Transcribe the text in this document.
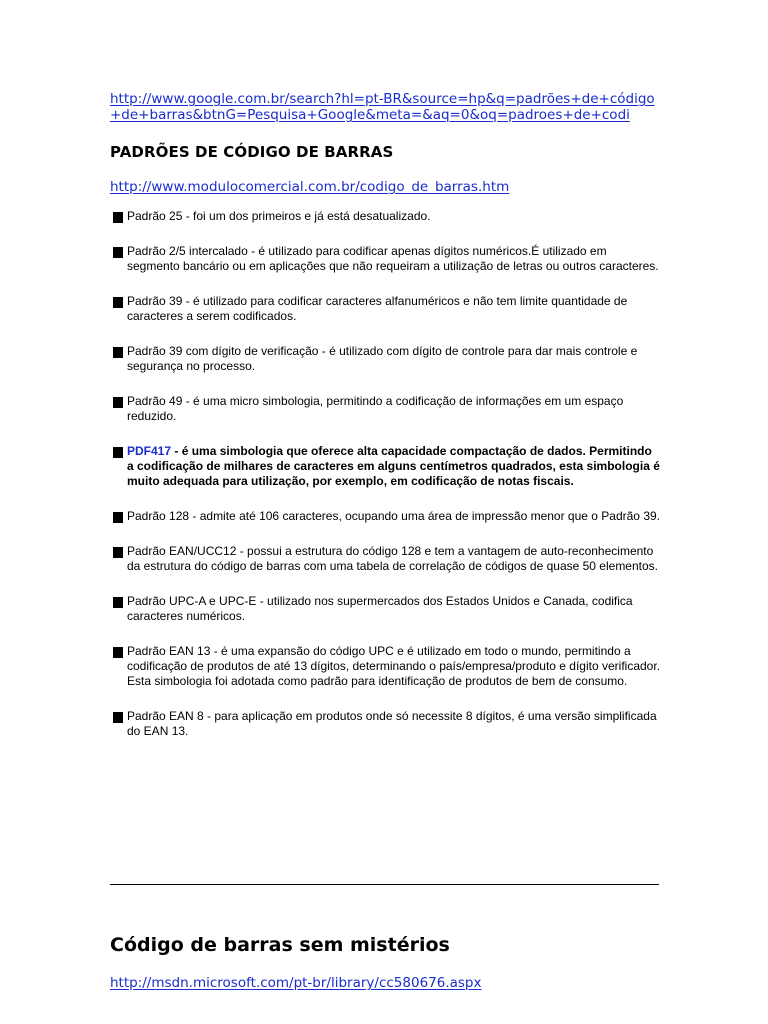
http://www.google.com.br/search?hl=pt-BR&source=hp&q=padrões+de+código+de+barras&btnG=Pesquisa+Google&meta=&aq=0&oq=padroes+de+codi
PADRÕES DE CÓDIGO DE BARRAS
http://www.modulocomercial.com.br/codigo_de_barras.htm
Padrão 25 - foi um dos primeiros e já está desatualizado.
Padrão 2/5 intercalado - é utilizado para codificar apenas dígitos numéricos.É utilizado em segmento bancário ou em aplicações que não requeiram a utilização de letras ou outros caracteres.
Padrão 39 - é utilizado para codificar caracteres alfanuméricos e não tem limite quantidade de caracteres a serem codificados.
Padrão 39 com dígito de verificação - é utilizado com dígito de controle para dar mais controle e segurança no processo.
Padrão 49 - é uma micro simbologia, permitindo a codificação de informações em um espaço reduzido.
PDF417 - é uma simbologia que oferece alta capacidade compactação de dados. Permitindo a codificação de milhares de caracteres em alguns centímetros quadrados, esta simbologia é muito adequada para utilização, por exemplo, em codificação de notas fiscais.
Padrão 128 - admite até 106 caracteres, ocupando uma área de impressão menor que o Padrão 39.
Padrão EAN/UCC12 - possui a estrutura do código 128 e tem a vantagem de auto-reconhecimento da estrutura do código de barras com uma tabela de correlação de códigos de quase 50 elementos.
Padrão UPC-A e UPC-E - utilizado nos supermercados dos Estados Unidos e Canada, codifica caracteres numéricos.
Padrão EAN 13 - é uma expansão do código UPC e é utilizado em todo o mundo, permitindo a codificação de produtos de até 13 dígitos, determinando o país/empresa/produto e dígito verificador. Esta simbologia foi adotada como padrão para identificação de produtos de bem de consumo.
Padrão EAN 8 - para aplicação em produtos onde só necessite 8 dígitos, é uma versão simplificada do EAN 13.
Código de barras sem mistérios
http://msdn.microsoft.com/pt-br/library/cc580676.aspx
